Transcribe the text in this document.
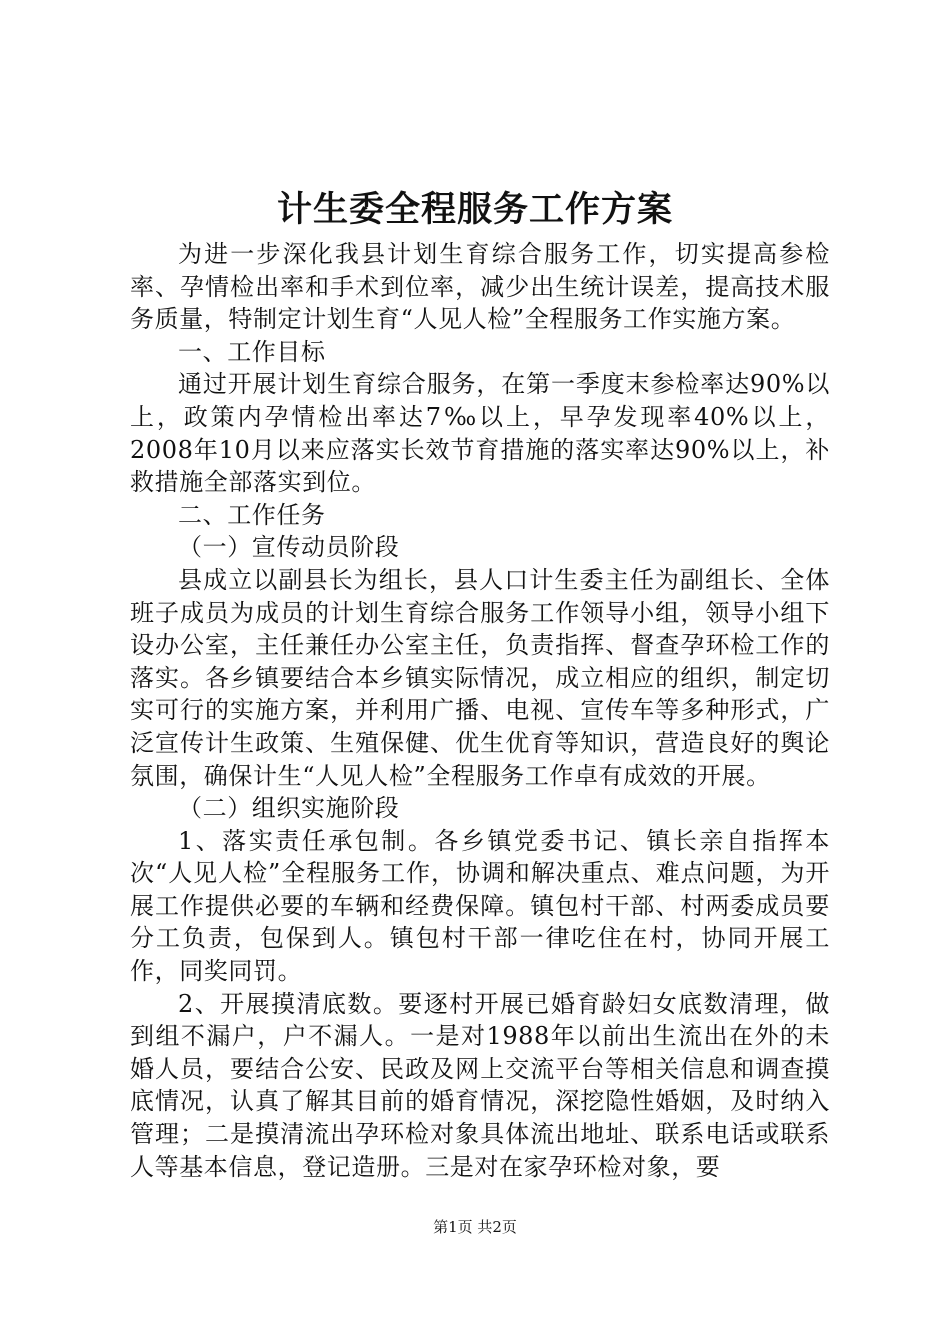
计生委全程服务工作方案

为进一步深化我县计划生育综合服务工作，切实提高参检率、孕情检出率和手术到位率，减少出生统计误差，提高技术服务质量，特制定计划生育“人见人检”全程服务工作实施方案。

一、工作目标

通过开展计划生育综合服务，在第一季度末参检率达90%以上，政策内孕情检出率达7‰以上，早孕发现率40%以上，2008年10月以来应落实长效节育措施的落实率达90%以上，补救措施全部落实到位。

二、工作任务

（一）宣传动员阶段

县成立以副县长为组长，县人口计生委主任为副组长、全体班子成员为成员的计划生育综合服务工作领导小组，领导小组下设办公室，主任兼任办公室主任，负责指挥、督查孕环检工作的落实。各乡镇要结合本乡镇实际情况，成立相应的组织，制定切实可行的实施方案，并利用广播、电视、宣传车等多种形式，广泛宣传计生政策、生殖保健、优生优育等知识，营造良好的舆论氛围，确保计生“人见人检”全程服务工作卓有成效的开展。

（二）组织实施阶段

1、落实责任承包制。各乡镇党委书记、镇长亲自指挥本次“人见人检”全程服务工作，协调和解决重点、难点问题，为开展工作提供必要的车辆和经费保障。镇包村干部、村两委成员要分工负责，包保到人。镇包村干部一律吃住在村，协同开展工作，同奖同罚。

2、开展摸清底数。要逐村开展已婚育龄妇女底数清理，做到组不漏户，户不漏人。一是对1988年以前出生流出在外的未婚人员，要结合公安、民政及网上交流平台等相关信息和调查摸底情况，认真了解其目前的婚育情况，深挖隐性婚姻，及时纳入管理；二是摸清流出孕环检对象具体流出地址、联系电话或联系人等基本信息，登记造册。三是对在家孕环检对象，要

第1页 共2页
